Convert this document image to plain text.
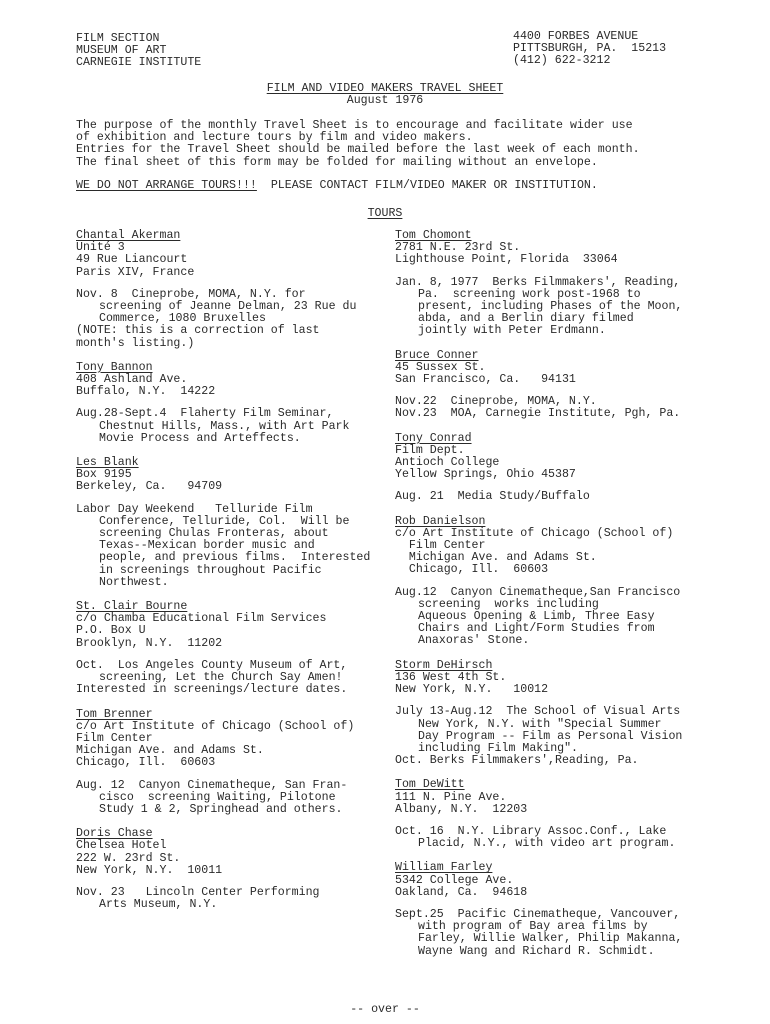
FILM SECTION
MUSEUM OF ART
CARNEGIE INSTITUTE
4400 FORBES AVENUE
PITTSBURGH, PA.  15213
(412) 622-3212
FILM AND VIDEO MAKERS TRAVEL SHEET
August 1976
The purpose of the monthly Travel Sheet is to encourage and facilitate wider use
of exhibition and lecture tours by film and video makers.
Entries for the Travel Sheet should be mailed before the last week of each month.
The final sheet of this form may be folded for mailing without an envelope.
WE DO NOT ARRANGE TOURS!!!  PLEASE CONTACT FILM/VIDEO MAKER OR INSTITUTION.
TOURS
Chantal Akerman
Unité 3
49 Rue Liancourt
Paris XIV, France
Nov. 8  Cineprobe, MOMA, N.Y. for
screening of Jeanne Delman, 23 Rue du
Commerce, 1080 Bruxelles
(NOTE: this is a correction of last
month's listing.)
Tony Bannon
408 Ashland Ave.
Buffalo, N.Y.  14222
Aug.28-Sept.4  Flaherty Film Seminar,
Chestnut Hills, Mass., with Art Park
Movie Process and Arteffects.
Les Blank
Box 9195
Berkeley, Ca.   94709
Labor Day Weekend   Telluride Film
Conference, Telluride, Col.  Will be
screening Chulas Fronteras, about
Texas--Mexican border music and
people, and previous films.  Interested
in screenings throughout Pacific
Northwest.
St. Clair Bourne
c/o Chamba Educational Film Services
P.O. Box U
Brooklyn, N.Y.  11202
Oct.  Los Angeles County Museum of Art,
screening, Let the Church Say Amen!
Interested in screenings/lecture dates.
Tom Brenner
c/o Art Institute of Chicago (School of)
Film Center
Michigan Ave. and Adams St.
Chicago, Ill.  60603
Aug. 12  Canyon Cinematheque, San Fran-
cisco  screening Waiting, Pilotone
Study 1 & 2, Springhead and others.
Doris Chase
Chelsea Hotel
222 W. 23rd St.
New York, N.Y.  10011
Nov. 23   Lincoln Center Performing
Arts Museum, N.Y.
Tom Chomont
2781 N.E. 23rd St.
Lighthouse Point, Florida  33064
Jan. 8, 1977  Berks Filmmakers', Reading,
Pa.  screening work post-1968 to
present, including Phases of the Moon,
abda, and a Berlin diary filmed
jointly with Peter Erdmann.
Bruce Conner
45 Sussex St.
San Francisco, Ca.   94131
Nov.22  Cineprobe, MOMA, N.Y.
Nov.23  MOA, Carnegie Institute, Pgh, Pa.
Tony Conrad
Film Dept.
Antioch College
Yellow Springs, Ohio 45387
Aug. 21  Media Study/Buffalo
Rob Danielson
c/o Art Institute of Chicago (School of)
Film Center
Michigan Ave. and Adams St.
Chicago, Ill.  60603
Aug.12  Canyon Cinematheque,San Francisco
screening  works including
Aqueous Opening & Limb, Three Easy
Chairs and Light/Form Studies from
Anaxoras' Stone.
Storm DeHirsch
136 West 4th St.
New York, N.Y.   10012
July 13-Aug.12  The School of Visual Arts
New York, N.Y. with "Special Summer
Day Program -- Film as Personal Vision
including Film Making".
Oct. Berks Filmmakers',Reading, Pa.
Tom DeWitt
111 N. Pine Ave.
Albany, N.Y.  12203
Oct. 16  N.Y. Library Assoc.Conf., Lake
Placid, N.Y., with video art program.
William Farley
5342 College Ave.
Oakland, Ca.  94618
Sept.25  Pacific Cinematheque, Vancouver,
with program of Bay area films by
Farley, Willie Walker, Philip Makanna,
Wayne Wang and Richard R. Schmidt.
-- over --
